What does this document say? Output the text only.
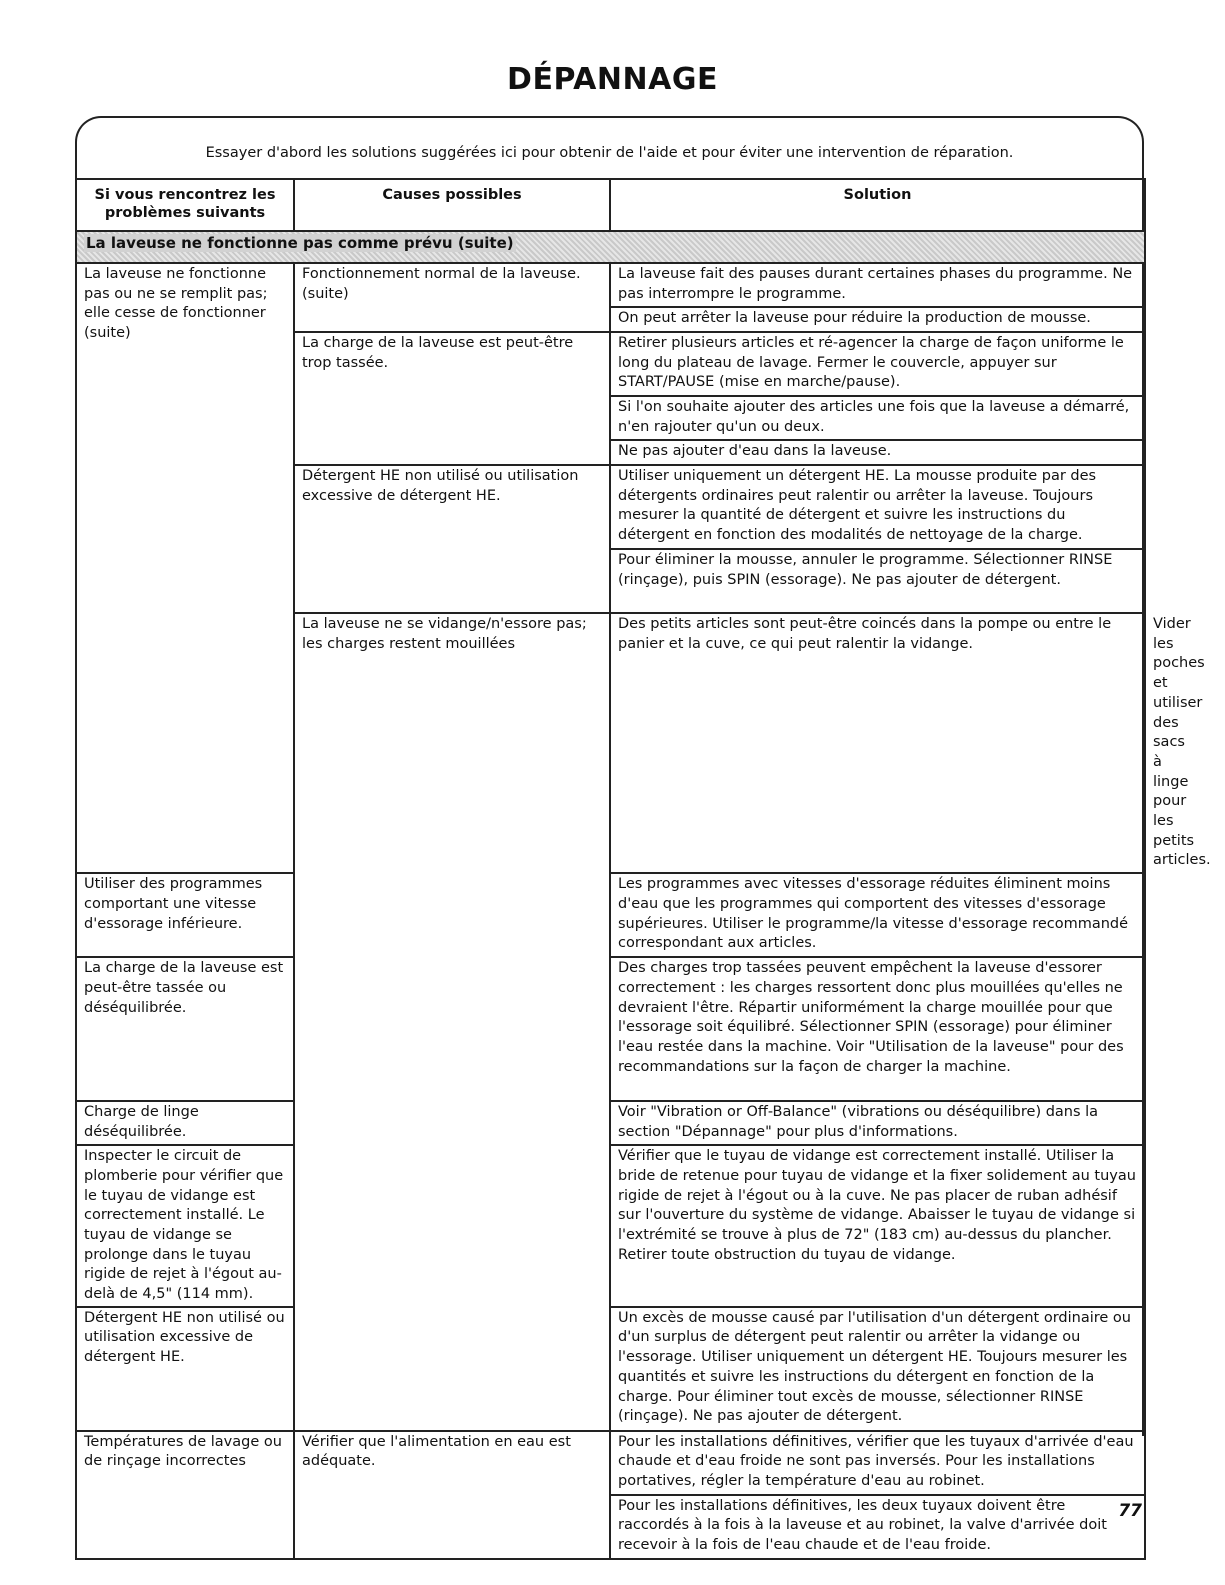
DÉPANNAGE
Essayer d'abord les solutions suggérées ici pour obtenir de l'aide et pour éviter une intervention de réparation.
Si vous rencontrez les problèmes suivants	Causes possibles	Solution	
La laveuse ne fonctionne pas comme prévu (suite)			
La laveuse ne fonctionne pas ou ne se remplit pas; elle cesse de fonctionner (suite)	Fonctionnement normal de la laveuse. (suite)	La laveuse fait des pauses durant certaines phases du programme. Ne pas interrompre le programme.	
		On peut arrêter la laveuse pour réduire la production de mousse.	
	La charge de la laveuse est peut-être trop tassée.	Retirer plusieurs articles et ré-agencer la charge de façon uniforme le long du plateau de lavage. Fermer le couvercle, appuyer sur START/PAUSE (mise en marche/pause).	
		Si l'on souhaite ajouter des articles une fois que la laveuse a démarré, n'en rajouter qu'un ou deux.	
		Ne pas ajouter d'eau dans la laveuse.	
	Détergent HE non utilisé ou utilisation excessive de détergent HE.	Utiliser uniquement un détergent HE. La mousse produite par des détergents ordinaires peut ralentir ou arrêter la laveuse. Toujours mesurer la quantité de détergent et suivre les instructions du détergent en fonction des modalités de nettoyage de la charge.	
		Pour éliminer la mousse, annuler le programme. Sélectionner RINSE (rinçage), puis SPIN (essorage). Ne pas ajouter de détergent.	
	La laveuse ne se vidange/n'essore pas; les charges restent mouillées	Des petits articles sont peut-être coincés dans la pompe ou entre le panier et la cuve, ce qui peut ralentir la vidange.	Vider les poches et utiliser des sacs à linge pour les petits articles.
Utiliser des programmes comportant une vitesse d'essorage inférieure.		Les programmes avec vitesses d'essorage réduites éliminent moins d'eau que les programmes qui comportent des vitesses d'essorage supérieures. Utiliser le programme/la vitesse d'essorage recommandé correspondant aux articles.	
La charge de la laveuse est peut-être tassée ou déséquilibrée.		Des charges trop tassées peuvent empêchent la laveuse d'essorer correctement : les charges ressortent donc plus mouillées qu'elles ne devraient l'être. Répartir uniformément la charge mouillée pour que l'essorage soit équilibré. Sélectionner SPIN (essorage) pour éliminer l'eau restée dans la machine. Voir "Utilisation de la laveuse" pour des recommandations sur la façon de charger la machine.	
Charge de linge déséquilibrée.		Voir "Vibration or Off-Balance" (vibrations ou déséquilibre) dans la section "Dépannage" pour plus d'informations.	
Inspecter le circuit de plomberie pour vérifier que le tuyau de vidange est correctement installé. Le tuyau de vidange se prolonge dans le tuyau rigide de rejet à l'égout au-delà de 4,5" (114 mm).		Vérifier que le tuyau de vidange est correctement installé. Utiliser la bride de retenue pour tuyau de vidange et la fixer solidement au tuyau rigide de rejet à l'égout ou à la cuve. Ne pas placer de ruban adhésif sur l'ouverture du système de vidange. Abaisser le tuyau de vidange si l'extrémité se trouve à plus de 72" (183 cm) au-dessus du plancher. Retirer toute obstruction du tuyau de vidange.	
Détergent HE non utilisé ou utilisation excessive de détergent HE.		Un excès de mousse causé par l'utilisation d'un détergent ordinaire ou d'un surplus de détergent peut ralentir ou arrêter la vidange ou l'essorage. Utiliser uniquement un détergent HE. Toujours mesurer les quantités et suivre les instructions du détergent en fonction de la charge. Pour éliminer tout excès de mousse, sélectionner RINSE (rinçage). Ne pas ajouter de détergent.	
Températures de lavage ou de rinçage incorrectes	Vérifier que l'alimentation en eau est adéquate.	Pour les installations définitives, vérifier que les tuyaux d'arrivée d'eau chaude et d'eau froide ne sont pas inversés. Pour les installations portatives, régler la température d'eau au robinet.	
		Pour les installations définitives, les deux tuyaux doivent être raccordés à la fois à la laveuse et au robinet, la valve d'arrivée doit recevoir à la fois de l'eau chaude et de l'eau froide.	
77
